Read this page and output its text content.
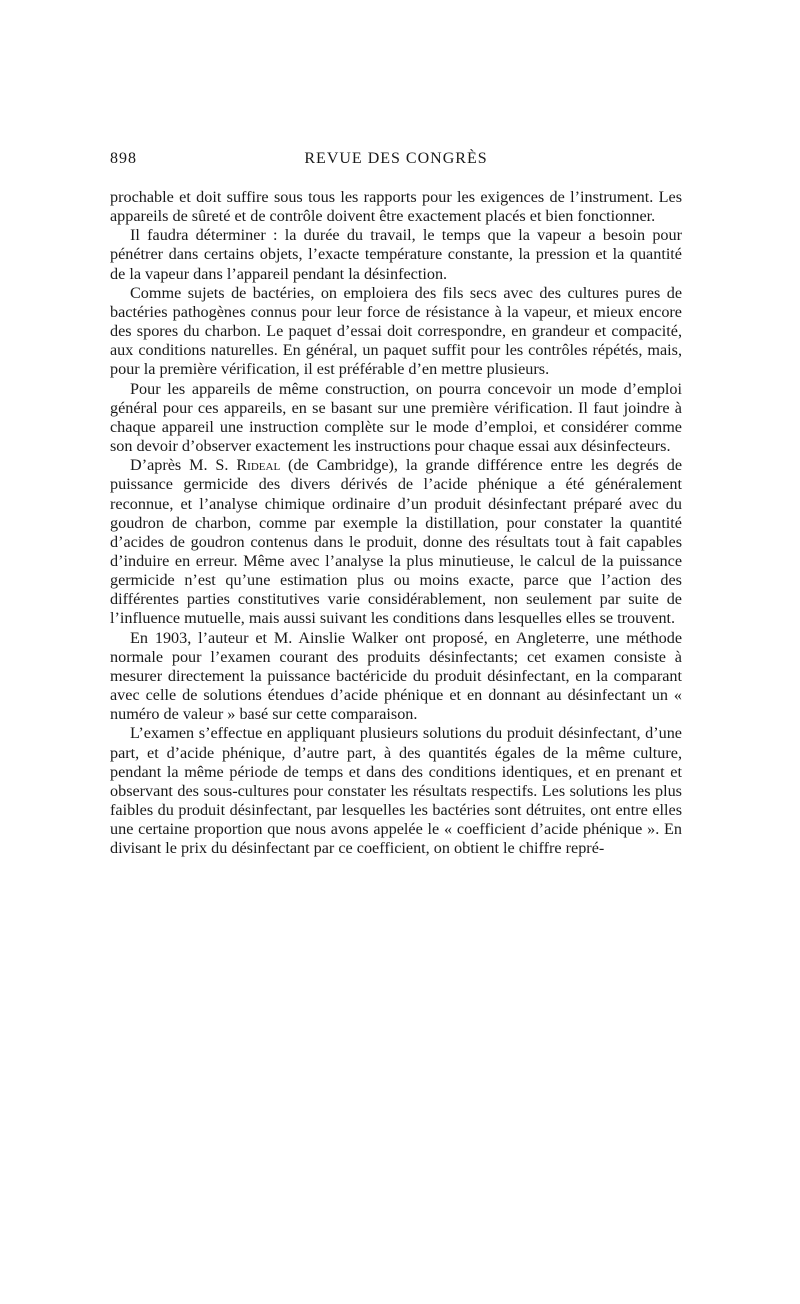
898	REVUE DES CONGRÈS

prochable et doit suffire sous tous les rapports pour les exigences de l’instrument. Les appareils de sûreté et de contrôle doivent être exactement placés et bien fonctionner.

Il faudra déterminer : la durée du travail, le temps que la vapeur a besoin pour pénétrer dans certains objets, l’exacte température constante, la pression et la quantité de la vapeur dans l’appareil pendant la désinfection.

Comme sujets de bactéries, on emploiera des fils secs avec des cultures pures de bactéries pathogènes connus pour leur force de résistance à la vapeur, et mieux encore des spores du charbon. Le paquet d’essai doit correspondre, en grandeur et compacité, aux conditions naturelles. En général, un paquet suffit pour les contrôles répétés, mais, pour la première vérification, il est préférable d’en mettre plusieurs.

Pour les appareils de même construction, on pourra concevoir un mode d’emploi général pour ces appareils, en se basant sur une première vérification. Il faut joindre à chaque appareil une instruction complète sur le mode d’emploi, et considérer comme son devoir d’observer exactement les instructions pour chaque essai aux désinfecteurs.

D’après M. S. Rideal (de Cambridge), la grande différence entre les degrés de puissance germicide des divers dérivés de l’acide phénique a été généralement reconnue, et l’analyse chimique ordinaire d’un produit désinfectant préparé avec du goudron de charbon, comme par exemple la distillation, pour constater la quantité d’acides de goudron contenus dans le produit, donne des résultats tout à fait capables d’induire en erreur. Même avec l’analyse la plus minutieuse, le calcul de la puissance germicide n’est qu’une estimation plus ou moins exacte, parce que l’action des différentes parties constitutives varie considérablement, non seulement par suite de l’influence mutuelle, mais aussi suivant les conditions dans lesquelles elles se trouvent.

En 1903, l’auteur et M. Ainslie Walker ont proposé, en Angleterre, une méthode normale pour l’examen courant des produits désinfectants; cet examen consiste à mesurer directement la puissance bactéricide du produit désinfectant, en la comparant avec celle de solutions étendues d’acide phénique et en donnant au désinfectant un « numéro de valeur » basé sur cette comparaison.

L’examen s’effectue en appliquant plusieurs solutions du produit désinfectant, d’une part, et d’acide phénique, d’autre part, à des quantités égales de la même culture, pendant la même période de temps et dans des conditions identiques, et en prenant et observant des sous-cultures pour constater les résultats respectifs. Les solutions les plus faibles du produit désinfectant, par lesquelles les bactéries sont détruites, ont entre elles une certaine proportion que nous avons appelée le « coefficient d’acide phénique ». En divisant le prix du désinfectant par ce coefficient, on obtient le chiffre repré-
